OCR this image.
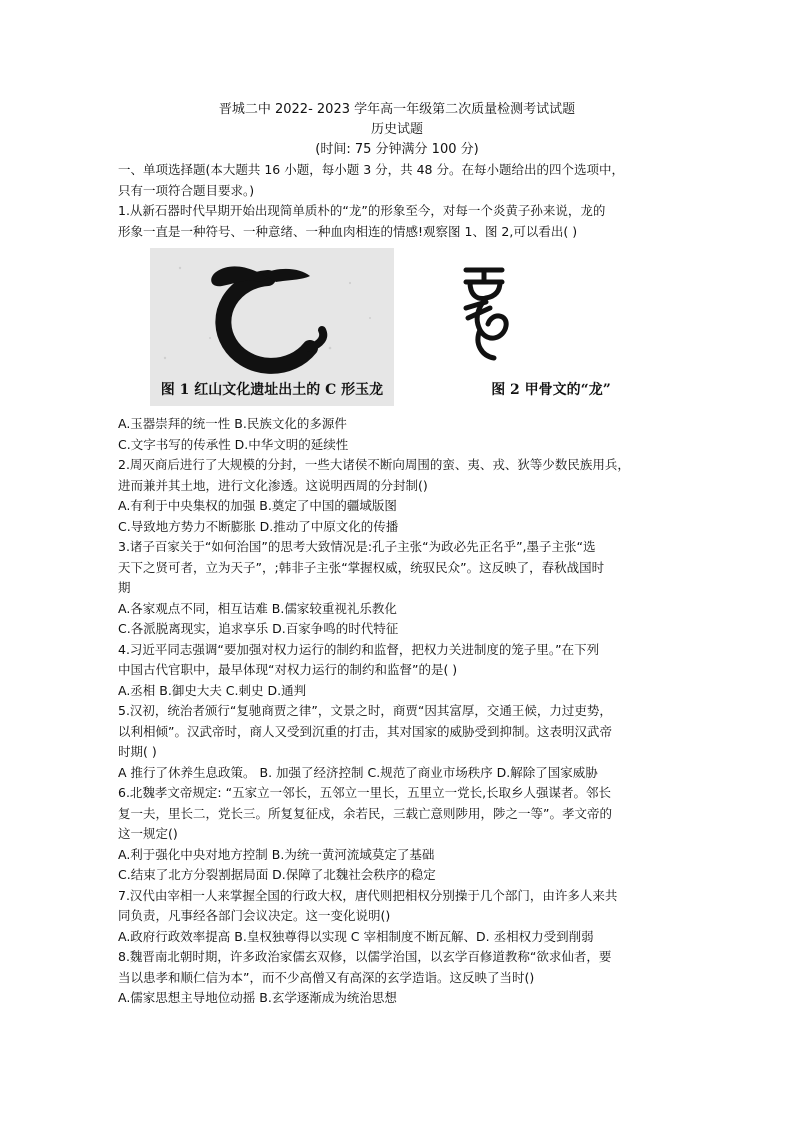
晋城二中 2022- 2023 学年高一年级第二次质量检测考试试题
历史试题
(时间: 75 分钟满分 100 分)

一、单项选择题(本大题共 16 小题，每小题 3 分，共 48 分。在每小题给出的四个选项中，

只有一项符合题目要求。)

1.从新石器时代早期开始出现简单质朴的“龙”的形象至今，对每一个炎黄子孙来说，龙的

形象一直是一种符号、一种意绪、一种血肉相连的情感!观察图 1、图 2,可以看出( )

图 1 红山文化遗址出土的 C 形玉龙	图 2 甲骨文的“龙”

A.玉器崇拜的统一性 B.民族文化的多源件

C.文字书写的传承性 D.中华文明的延续性

2.周灭商后进行了大规模的分封，一些大诸侯不断向周围的蛮、夷、戎、狄等少数民族用兵，

进而兼并其土地，进行文化渗透。这说明西周的分封制()

A.有利于中央集权的加强 B.奠定了中国的疆域版图

C.导致地方势力不断膨胀 D.推动了中原文化的传播

3.诸子百家关于“如何治国”的思考大致情况是:孔子主张“为政必先正名乎”,墨子主张“选

天下之贤可者，立为天子”，;韩非子主张“掌握权威，统驭民众”。这反映了，春秋战国时

期

A.各家观点不同，相互诘难 B.儒家较重视礼乐教化

C.各派脱离现实，追求享乐 D.百家争鸣的时代特征

4.习近平同志强调“要加强对权力运行的制约和监督，把权力关进制度的笼子里。”在下列

中国古代官职中，最早体现“对权力运行的制约和监督”的是( )

A.丞相 B.御史大夫 C.刺史 D.通判

5.汉初，统治者颁行“复驰商贾之律”，文景之时，商贾“因其富厚，交通王候，力过吏势，

以利相倾”。汉武帝时，商人又受到沉重的打击，其对国家的威胁受到抑制。这表明汉武帝

时期( )

A 推行了休养生息政策。 B. 加强了经济控制 C.规范了商业市场秩序 D.解除了国家威胁

6.北魏孝文帝规定: “五家立一邻长，五邻立一里长，五里立一党长,长取乡人强谋者。邻长

复一夫，里长二，党长三。所复复征戍，余若民，三载亡意则陟用，陟之一等”。孝文帝的

这一规定()

A.利于强化中央对地方控制 B.为统一黄河流域莫定了基础

C.结束了北方分裂割据局面 D.保障了北魏社会秩序的稳定

7.汉代由宰相一人来掌握全国的行政大权，唐代则把相权分别操于几个部门，由许多人来共

同负责，凡事经各部门会议决定。这一变化说明()

A.政府行政效率提高 B.皇权独尊得以实现 C 宰相制度不断瓦解、D. 丞相权力受到削弱

8.魏晋南北朝时期，许多政治家儒玄双修，以儒学治国，以玄学百修道教称“欲求仙者，要

当以患孝和顺仁信为本”，而不少高僧又有高深的玄学造诣。这反映了当时()

A.儒家思想主导地位动摇 B.玄学逐渐成为统治思想
